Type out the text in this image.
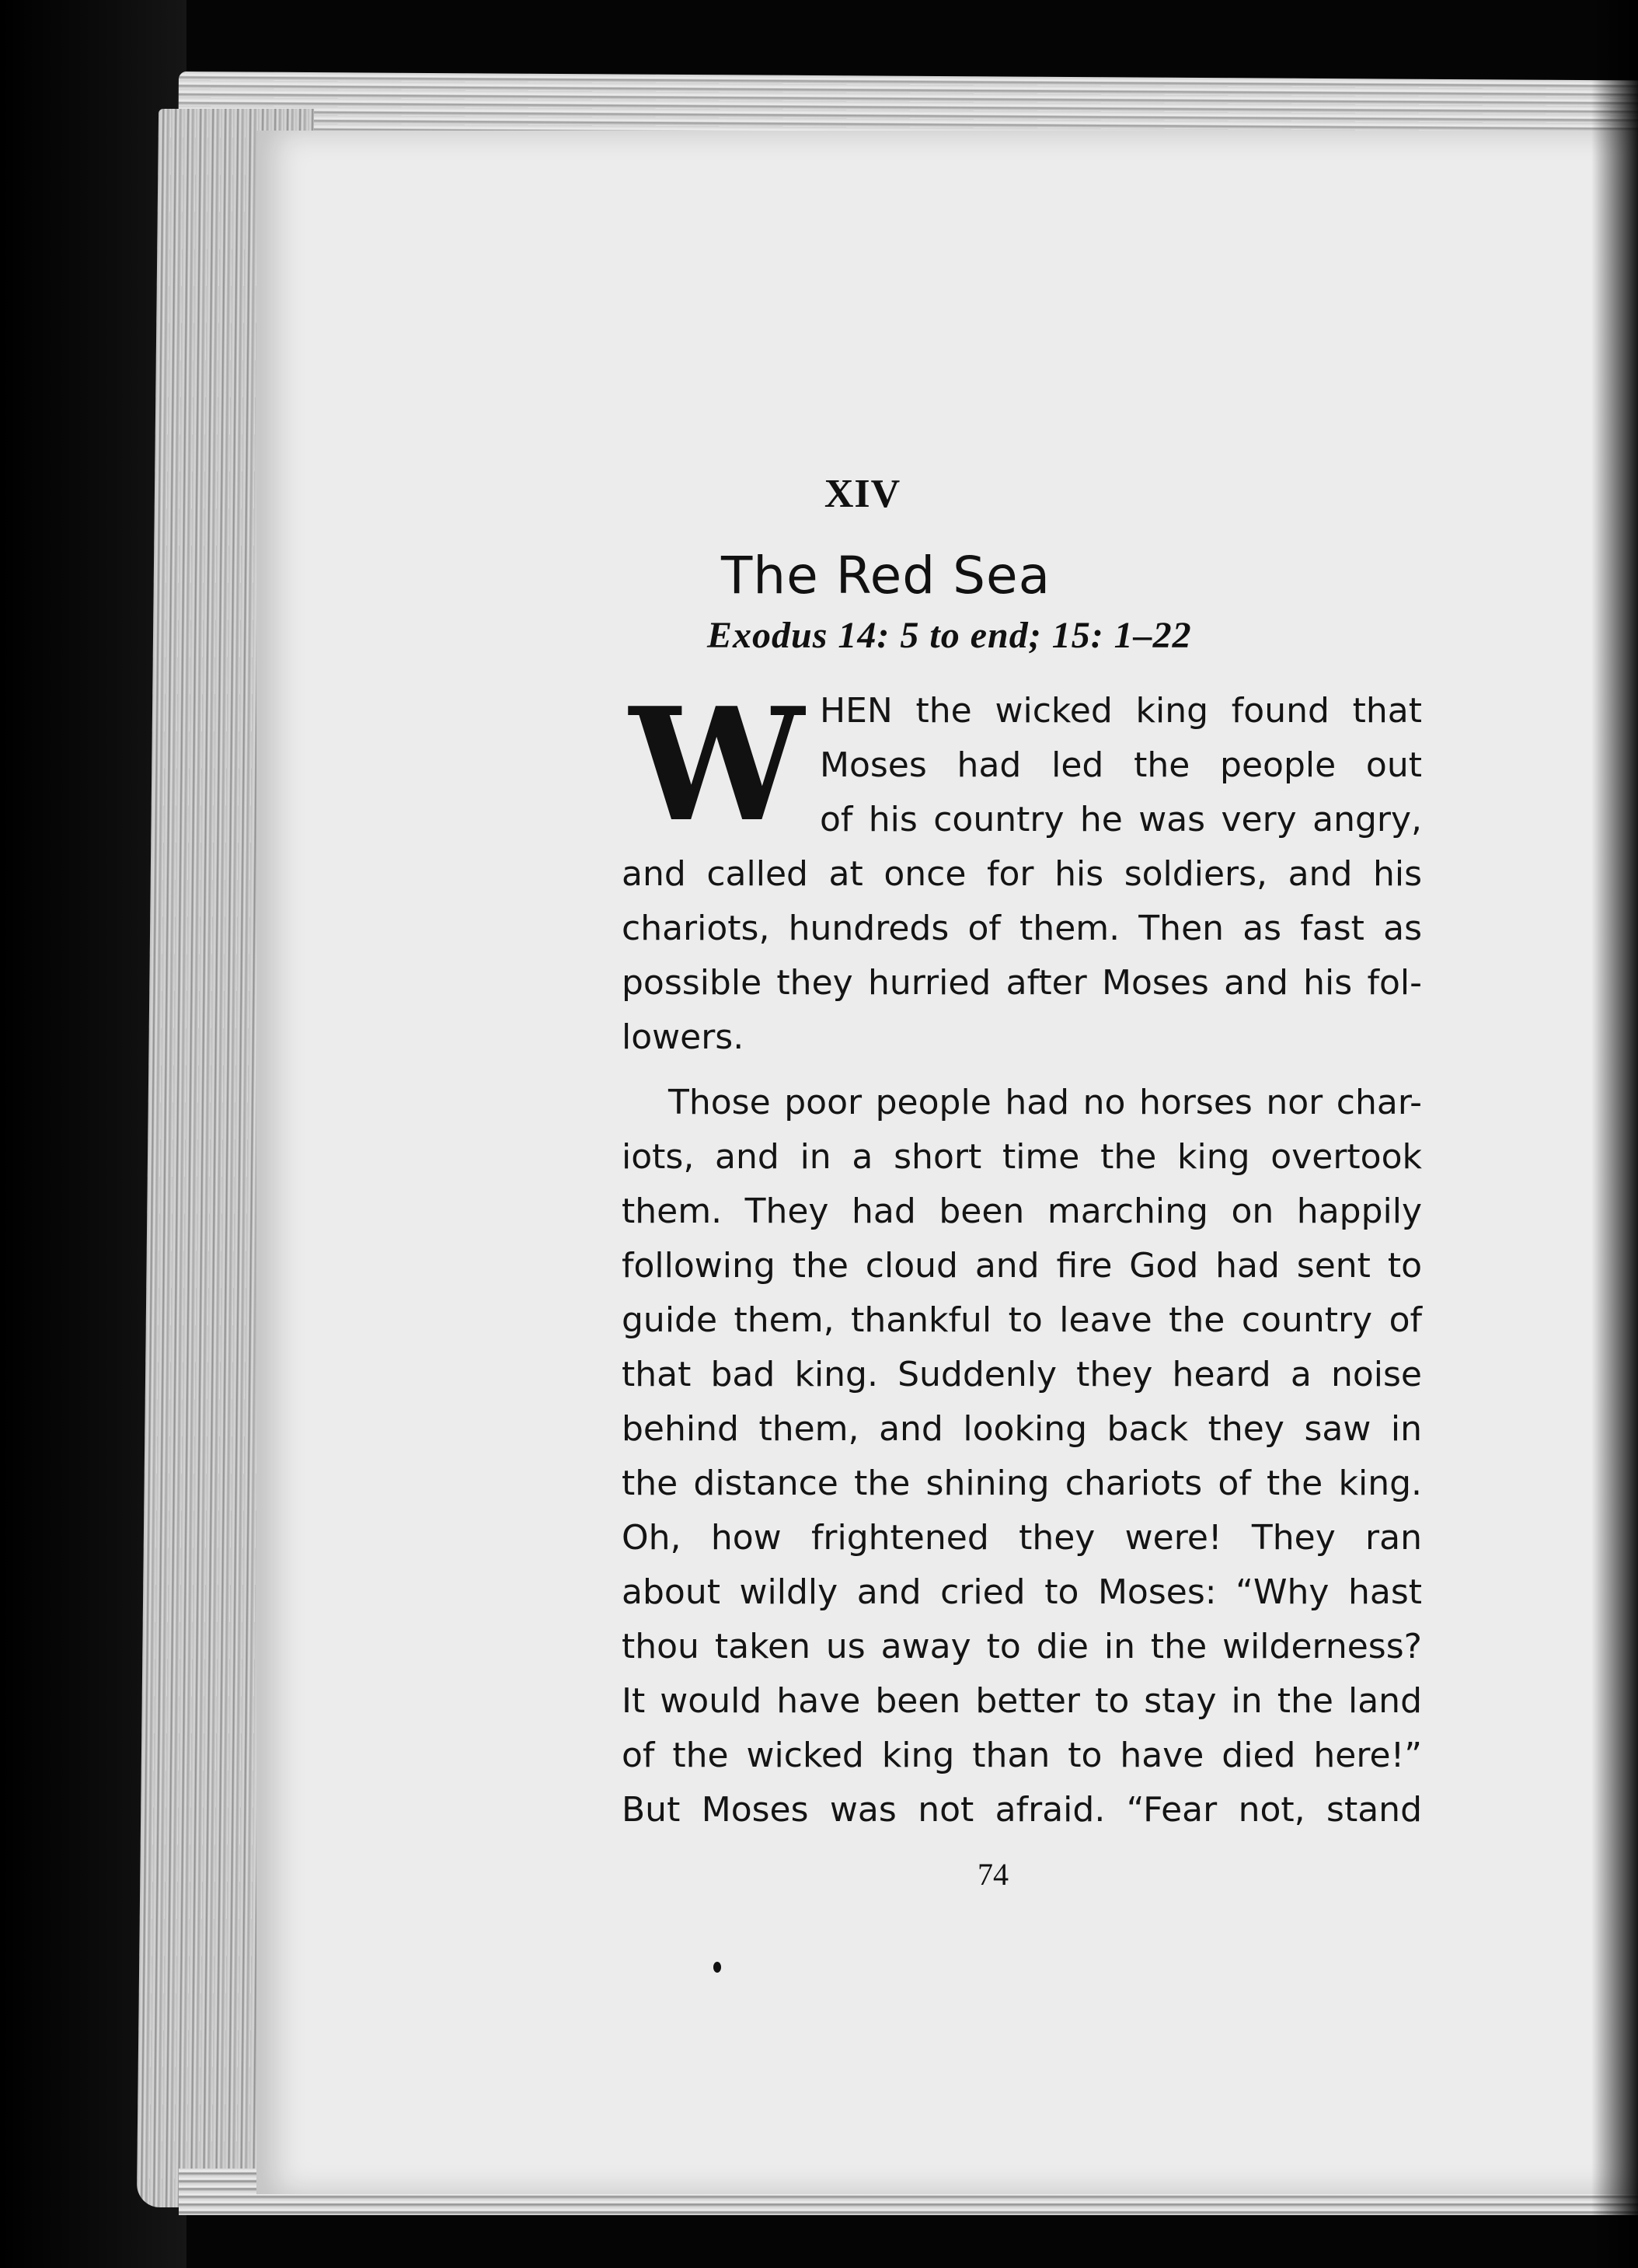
XIV
The Red Sea
Exodus 14: 5 to end; 15: 1–22
W HEN the wicked king found that
Moses had led the people out
of his country he was very angry,
and called at once for his soldiers, and his
chariots, hundreds of them. Then as fast as
possible they hurried after Moses and his fol-
lowers.
Those poor people had no horses nor char-
iots, and in a short time the king overtook
them. They had been marching on happily
following the cloud and fire God had sent to
guide them, thankful to leave the country of
that bad king. Suddenly they heard a noise
behind them, and looking back they saw in
the distance the shining chariots of the king.
Oh, how frightened they were! They ran
about wildly and cried to Moses: “Why hast
thou taken us away to die in the wilderness?
It would have been better to stay in the land
of the wicked king than to have died here!”
But Moses was not afraid. “Fear not, stand
74
